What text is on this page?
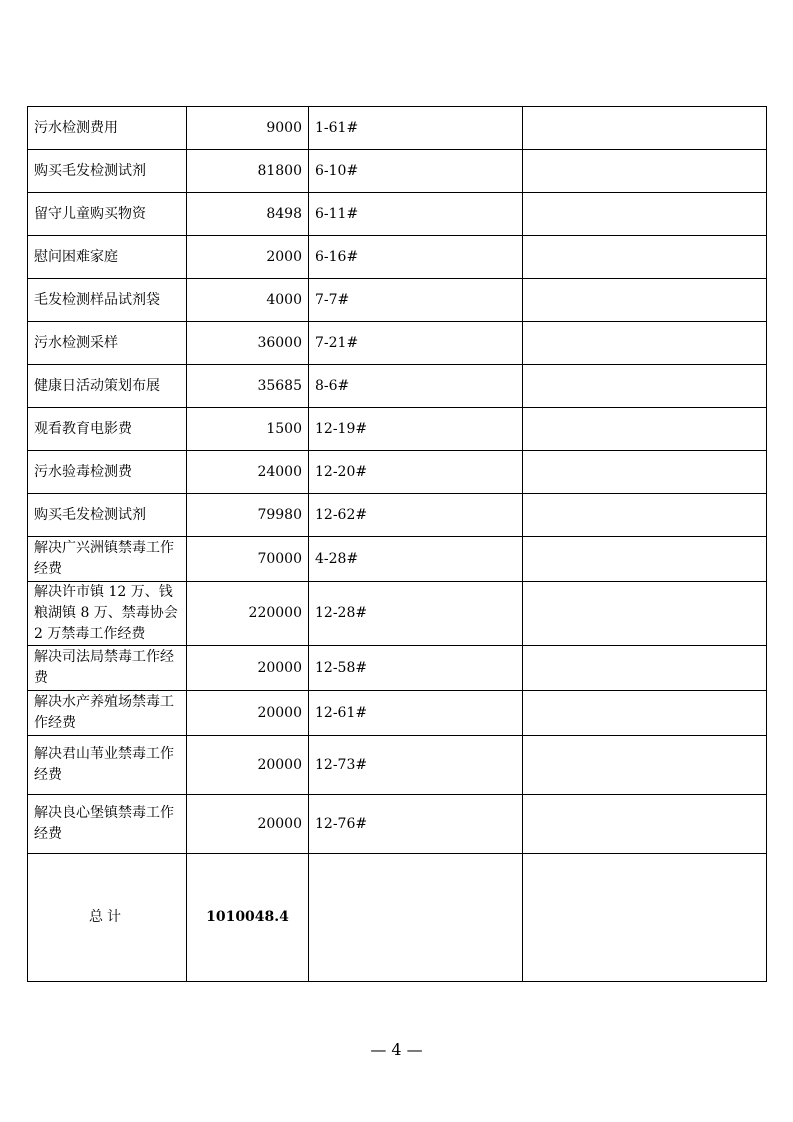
污水检测费用	9000	1-61#	
购买毛发检测试剂	81800	6-10#	
留守儿童购买物资	8498	6-11#	
慰问困难家庭	2000	6-16#	
毛发检测样品试剂袋	4000	7-7#	
污水检测采样	36000	7-21#	
健康日活动策划布展	35685	8-6#	
观看教育电影费	1500	12-19#	
污水验毒检测费	24000	12-20#	
购买毛发检测试剂	79980	12-62#	
解决广兴洲镇禁毒工作经费	70000	4-28#	
解决许市镇 12 万、钱粮湖镇 8 万、禁毒协会 2 万禁毒工作经费	220000	12-28#	
解决司法局禁毒工作经费	20000	12-58#	
解决水产养殖场禁毒工作经费	20000	12-61#	
解决君山苇业禁毒工作经费	20000	12-73#	
解决良心堡镇禁毒工作经费	20000	12-76#	
总计	1010048.4		
— 4 —
